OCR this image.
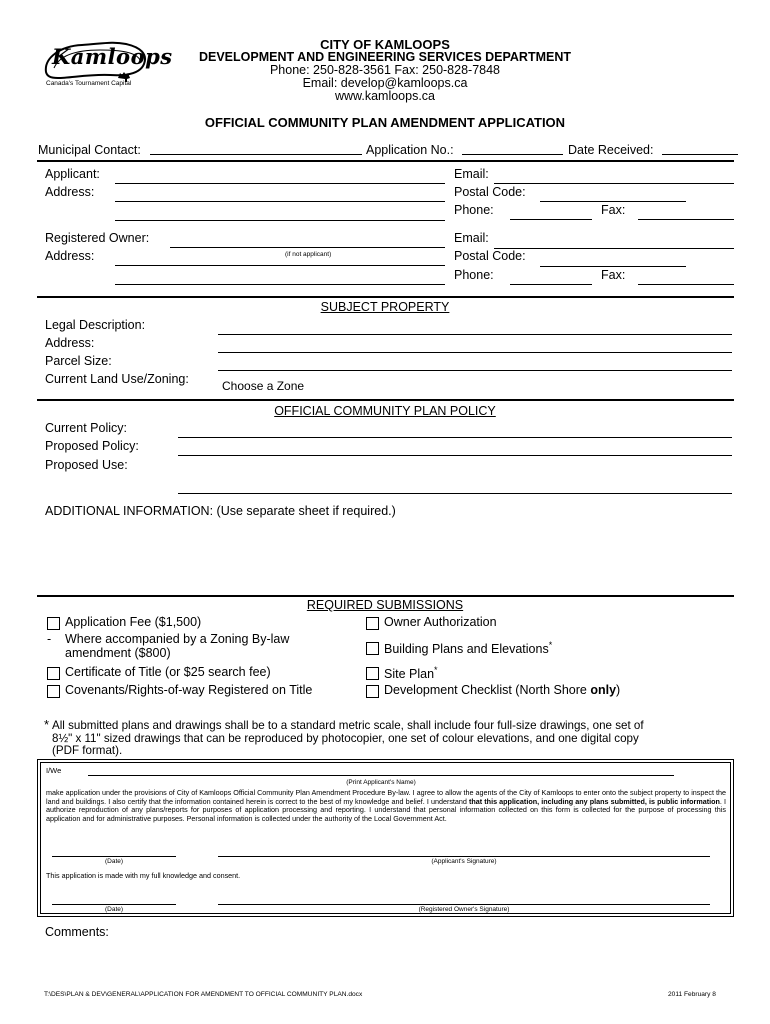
Kamloops
Canada's Tournament Capital
CITY OF KAMLOOPS
DEVELOPMENT AND ENGINEERING SERVICES DEPARTMENT
Phone: 250-828-3561 Fax: 250-828-7848
Email: develop@kamloops.ca
www.kamloops.ca
OFFICIAL COMMUNITY PLAN AMENDMENT APPLICATION
Municipal Contact:	Application No.:	Date Received:
Applicant:
Address:
Email:
Postal Code:
Phone:	Fax:
Registered Owner:
(if not applicant)
Address:
Email:
Postal Code:
Phone:	Fax:
SUBJECT PROPERTY
Legal Description:
Address:
Parcel Size:
Current Land Use/Zoning:	Choose a Zone
OFFICIAL COMMUNITY PLAN POLICY
Current Policy:
Proposed Policy:
Proposed Use:
ADDITIONAL INFORMATION: (Use separate sheet if required.)
REQUIRED SUBMISSIONS
Application Fee ($1,500)
- Where accompanied by a Zoning By-law
amendment ($800)
Certificate of Title (or $25 search fee)
Covenants/Rights-of-way Registered on Title
Owner Authorization
Building Plans and Elevations*
Site Plan*
Development Checklist (North Shore only)
* All submitted plans and drawings shall be to a standard metric scale, shall include four full-size drawings, one set of
8½" x 11" sized drawings that can be reproduced by photocopier, one set of colour elevations, and one digital copy
(PDF format).
I/We
(Print Applicant's Name)
make application under the provisions of City of Kamloops Official Community Plan Amendment Procedure By-law. I agree to allow the agents of the City of Kamloops to enter onto the subject property to inspect the land and buildings. I also certify that the information contained herein is correct to the best of my knowledge and belief. I understand that this application, including any plans submitted, is public information. I authorize reproduction of any plans/reports for purposes of application processing and reporting. I understand that personal information collected on this form is collected for the purpose of processing this application and for administrative purposes. Personal information is collected under the authority of the Local Government Act.
(Date)	(Applicant's Signature)
This application is made with my full knowledge and consent.
(Date)	(Registered Owner's Signature)
Comments:
T:\DES\PLAN & DEV\GENERAL\APPLICATION FOR AMENDMENT TO OFFICIAL COMMUNITY PLAN.docx	2011 February 8
